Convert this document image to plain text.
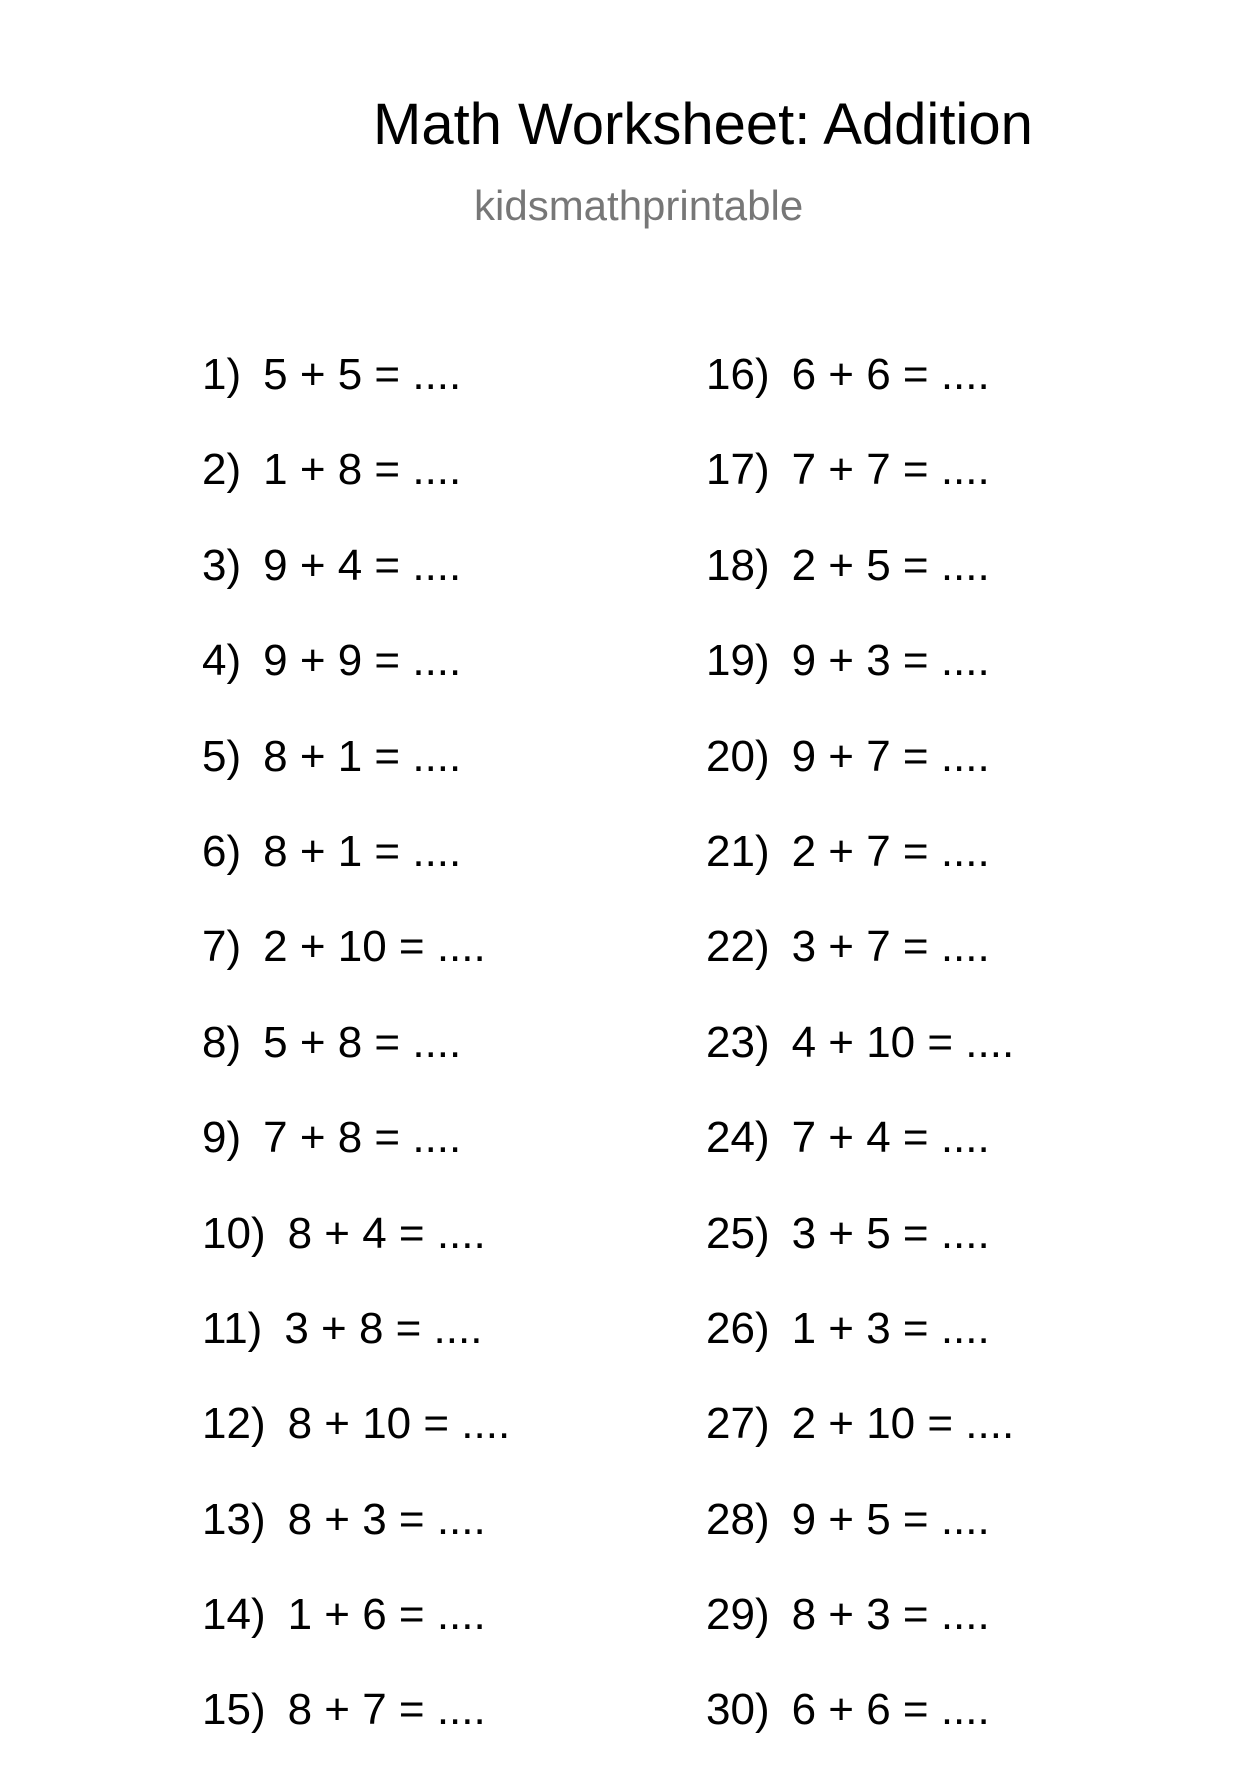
Math Worksheet: Addition
kidsmathprintable
1) 5 + 5 = ....
2) 1 + 8 = ....
3) 9 + 4 = ....
4) 9 + 9 = ....
5) 8 + 1 = ....
6) 8 + 1 = ....
7) 2 + 10 = ....
8) 5 + 8 = ....
9) 7 + 8 = ....
10) 8 + 4 = ....
11) 3 + 8 = ....
12) 8 + 10 = ....
13) 8 + 3 = ....
14) 1 + 6 = ....
15) 8 + 7 = ....
16) 6 + 6 = ....
17) 7 + 7 = ....
18) 2 + 5 = ....
19) 9 + 3 = ....
20) 9 + 7 = ....
21) 2 + 7 = ....
22) 3 + 7 = ....
23) 4 + 10 = ....
24) 7 + 4 = ....
25) 3 + 5 = ....
26) 1 + 3 = ....
27) 2 + 10 = ....
28) 9 + 5 = ....
29) 8 + 3 = ....
30) 6 + 6 = ....
